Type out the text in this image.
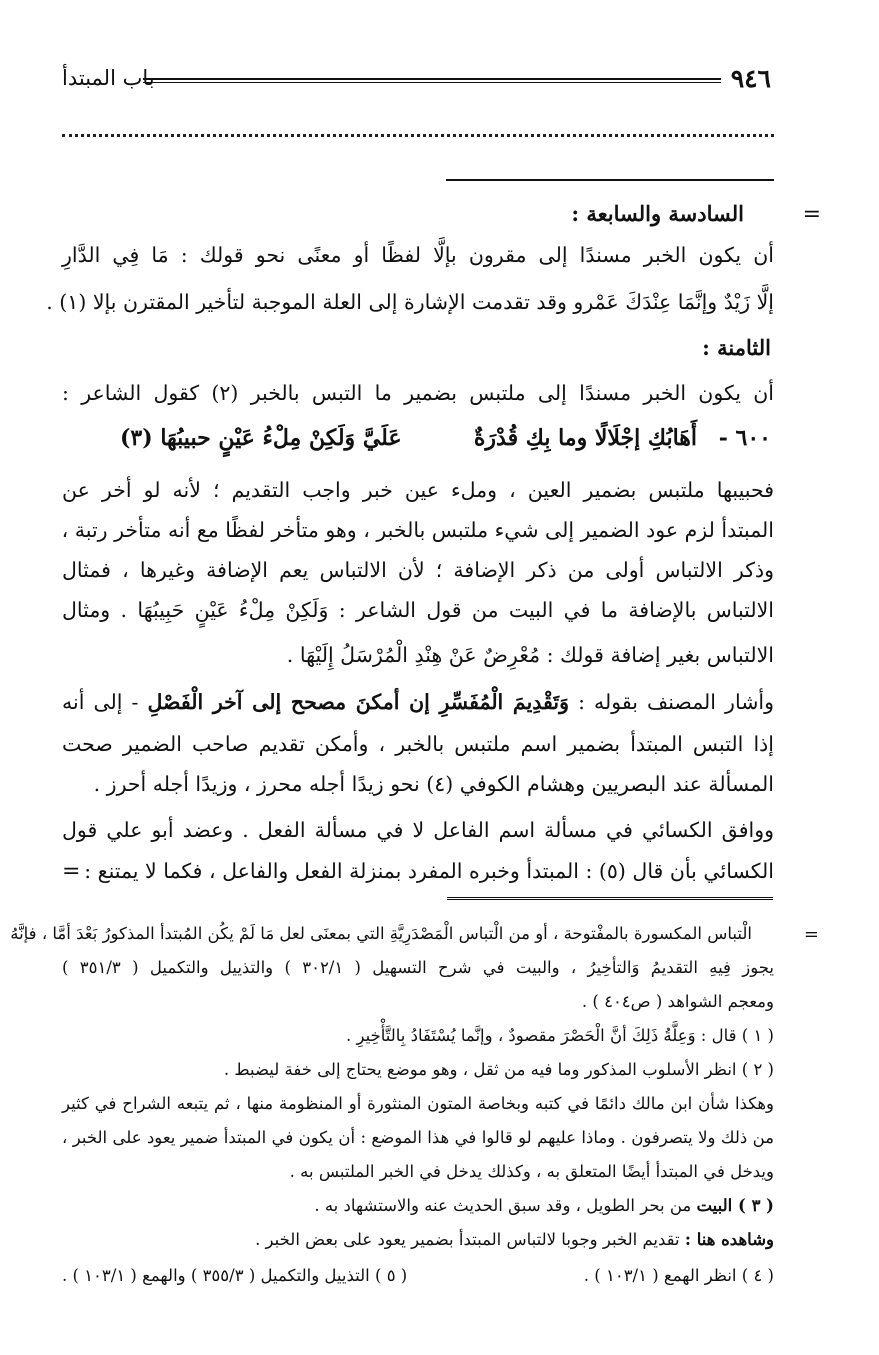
٩٤٦
باب المبتدأ
=
السادسة والسابعة :
أن يكون الخبر مسندًا إلى مقرون بإلَّا لفظًا أو معنًى نحو قولك : مَا فِي الدَّارِ
إلَّا زَيْدٌ وإنَّمَا عِنْدَكَ عَمْرو وقد تقدمت الإشارة إلى العلة الموجبة لتأخير المقترن بإلا (١) .
الثامنة :
أن يكون الخبر مسندًا إلى ملتبس بضمير ما التبس بالخبر (٢) كقول الشاعر :
٦٠٠ -
أَهَابُكِ إجْلَالًا وما بِكِ قُدْرَةٌ
عَلَيَّ وَلَكِنْ مِلْءُ عَيْنٍ حبيبُهَا (٣)
فحبيبها ملتبس بضمير العين ، وملء عين خبر واجب التقديم ؛ لأنه لو أخر عن
المبتدأ لزم عود الضمير إلى شيء ملتبس بالخبر ، وهو متأخر لفظًا مع أنه متأخر رتبة ،
وذكر الالتباس أولى من ذكر الإضافة ؛ لأن الالتباس يعم الإضافة وغيرها ، فمثال
الالتباس بالإضافة ما في البيت من قول الشاعر : وَلَكِنْ مِلْءُ عَيْنٍ حَبِيبُهَا . ومثال
الالتباس بغير إضافة قولك : مُعْرِضٌ عَنْ هِنْدِ الْمُرْسَلُ إِلَيْهَا .
وأشار المصنف بقوله : وَتَقْدِيمَ الْمُفَسِّرِ إن أمكنَ مصحح إلى آخر الْفَصْلِ - إلى أنه
إذا التبس المبتدأ بضمير اسم ملتبس بالخبر ، وأمكن تقديم صاحب الضمير صحت
المسألة عند البصريين وهشام الكوفي (٤) نحو زيدًا أجله محرز ، وزيدًا أجله أحرز .
ووافق الكسائي في مسألة اسم الفاعل لا في مسألة الفعل . وعضد أبو علي قول
الكسائي بأن قال (٥) : المبتدأ وخبره المفرد بمنزلة الفعل والفاعل ، فكما لا يمتنع :
=
=
الْتباس المكسورة بالمفْتوحة ، أو من الْتباس الْمَصْدَرِيَّةِ التي بمعنَى لعل مَا لَمْ يكُن المُبتدأ المذكورُ بَعْدَ أمَّا ، فإنَّهُ
يجوز فِيهِ التقديمُ وَالتأخِيرُ ، والبيت في شرح التسهيل ( ٣٠٢/١ ) والتذييل والتكميل ( ٣٥١/٣ )
ومعجم الشواهد ( ص٤٠٤ ) .
( ١ ) قال : وَعِلَّةُ ذَلِكَ أنَّ الْحَصْرَ مقصودٌ ، وإنَّما يُسْتَفَادُ بِالتَّأْخِيرِ .
( ٢ ) انظر الأسلوب المذكور وما فيه من ثقل ، وهو موضع يحتاج إلى خفة ليضبط .
وهكذا شأن ابن مالك دائمًا في كتبه وبخاصة المتون المنثورة أو المنظومة منها ، ثم يتبعه الشراح في كثير
من ذلك ولا يتصرفون . وماذا عليهم لو قالوا في هذا الموضع : أن يكون في المبتدأ ضمير يعود على الخبر ،
ويدخل في المبتدأ أيضًا المتعلق به ، وكذلك يدخل في الخبر الملتبس به .
( ٣ ) البيت من بحر الطويل ، وقد سبق الحديث عنه والاستشهاد به .
وشاهده هنا : تقديم الخبر وجوبا لالتباس المبتدأ بضمير يعود على بعض الخبر .
( ٤ ) انظر الهمع ( ١٠٣/١ ) .
( ٥ ) التذييل والتكميل ( ٣٥٥/٣ ) والهمع ( ١٠٣/١ ) .
